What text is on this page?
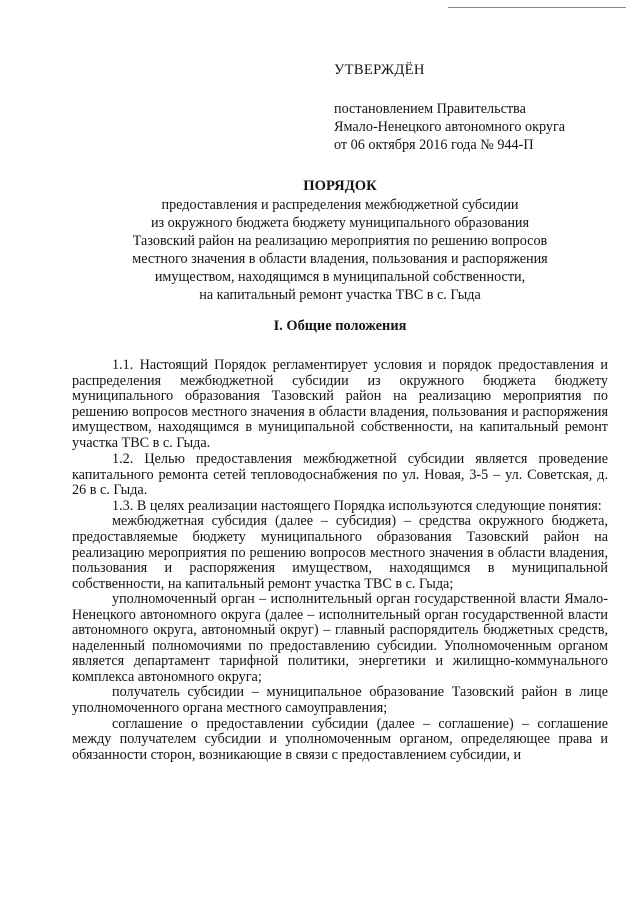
УТВЕРЖДЁН
постановлением Правительства
Ямало-Ненецкого автономного округа
от 06 октября 2016 года № 944-П
ПОРЯДОК
предоставления и распределения межбюджетной субсидии
из окружного бюджета бюджету муниципального образования
Тазовский район на реализацию мероприятия по решению вопросов
местного значения в области владения, пользования и распоряжения
имуществом, находящимся в муниципальной собственности,
на капитальный ремонт участка ТВС в с. Гыда
I. Общие положения

1.1. Настоящий Порядок регламентирует условия и порядок предоставления и распределения межбюджетной субсидии из окружного бюджета бюджету муниципального образования Тазовский район на реализацию мероприятия по решению вопросов местного значения в области владения, пользования и распоряжения имуществом, находящимся в муниципальной собственности, на капитальный ремонт участка ТВС в с. Гыда.

1.2. Целью предоставления межбюджетной субсидии является проведение капитального ремонта сетей тепловодоснабжения по ул. Новая, 3-5 – ул. Советская, д. 26 в с. Гыда.

1.3. В целях реализации настоящего Порядка используются следующие понятия:

межбюджетная субсидия (далее – субсидия) – средства окружного бюджета, предоставляемые бюджету муниципального образования Тазовский район на реализацию мероприятия по решению вопросов местного значения в области владения, пользования и распоряжения имуществом, находящимся в муниципальной собственности, на капитальный ремонт участка ТВС в с. Гыда;

уполномоченный орган – исполнительный орган государственной власти Ямало-Ненецкого автономного округа (далее – исполнительный орган государственной власти автономного округа, автономный округ) – главный распорядитель бюджетных средств, наделенный полномочиями по предоставлению субсидии. Уполномоченным органом является департамент тарифной политики, энергетики и жилищно-коммунального комплекса автономного округа;

получатель субсидии – муниципальное образование Тазовский район в лице уполномоченного органа местного самоуправления;

соглашение о предоставлении субсидии (далее – соглашение) – соглашение между получателем субсидии и уполномоченным органом, определяющее права и обязанности сторон, возникающие в связи с предоставлением субсидии, и
